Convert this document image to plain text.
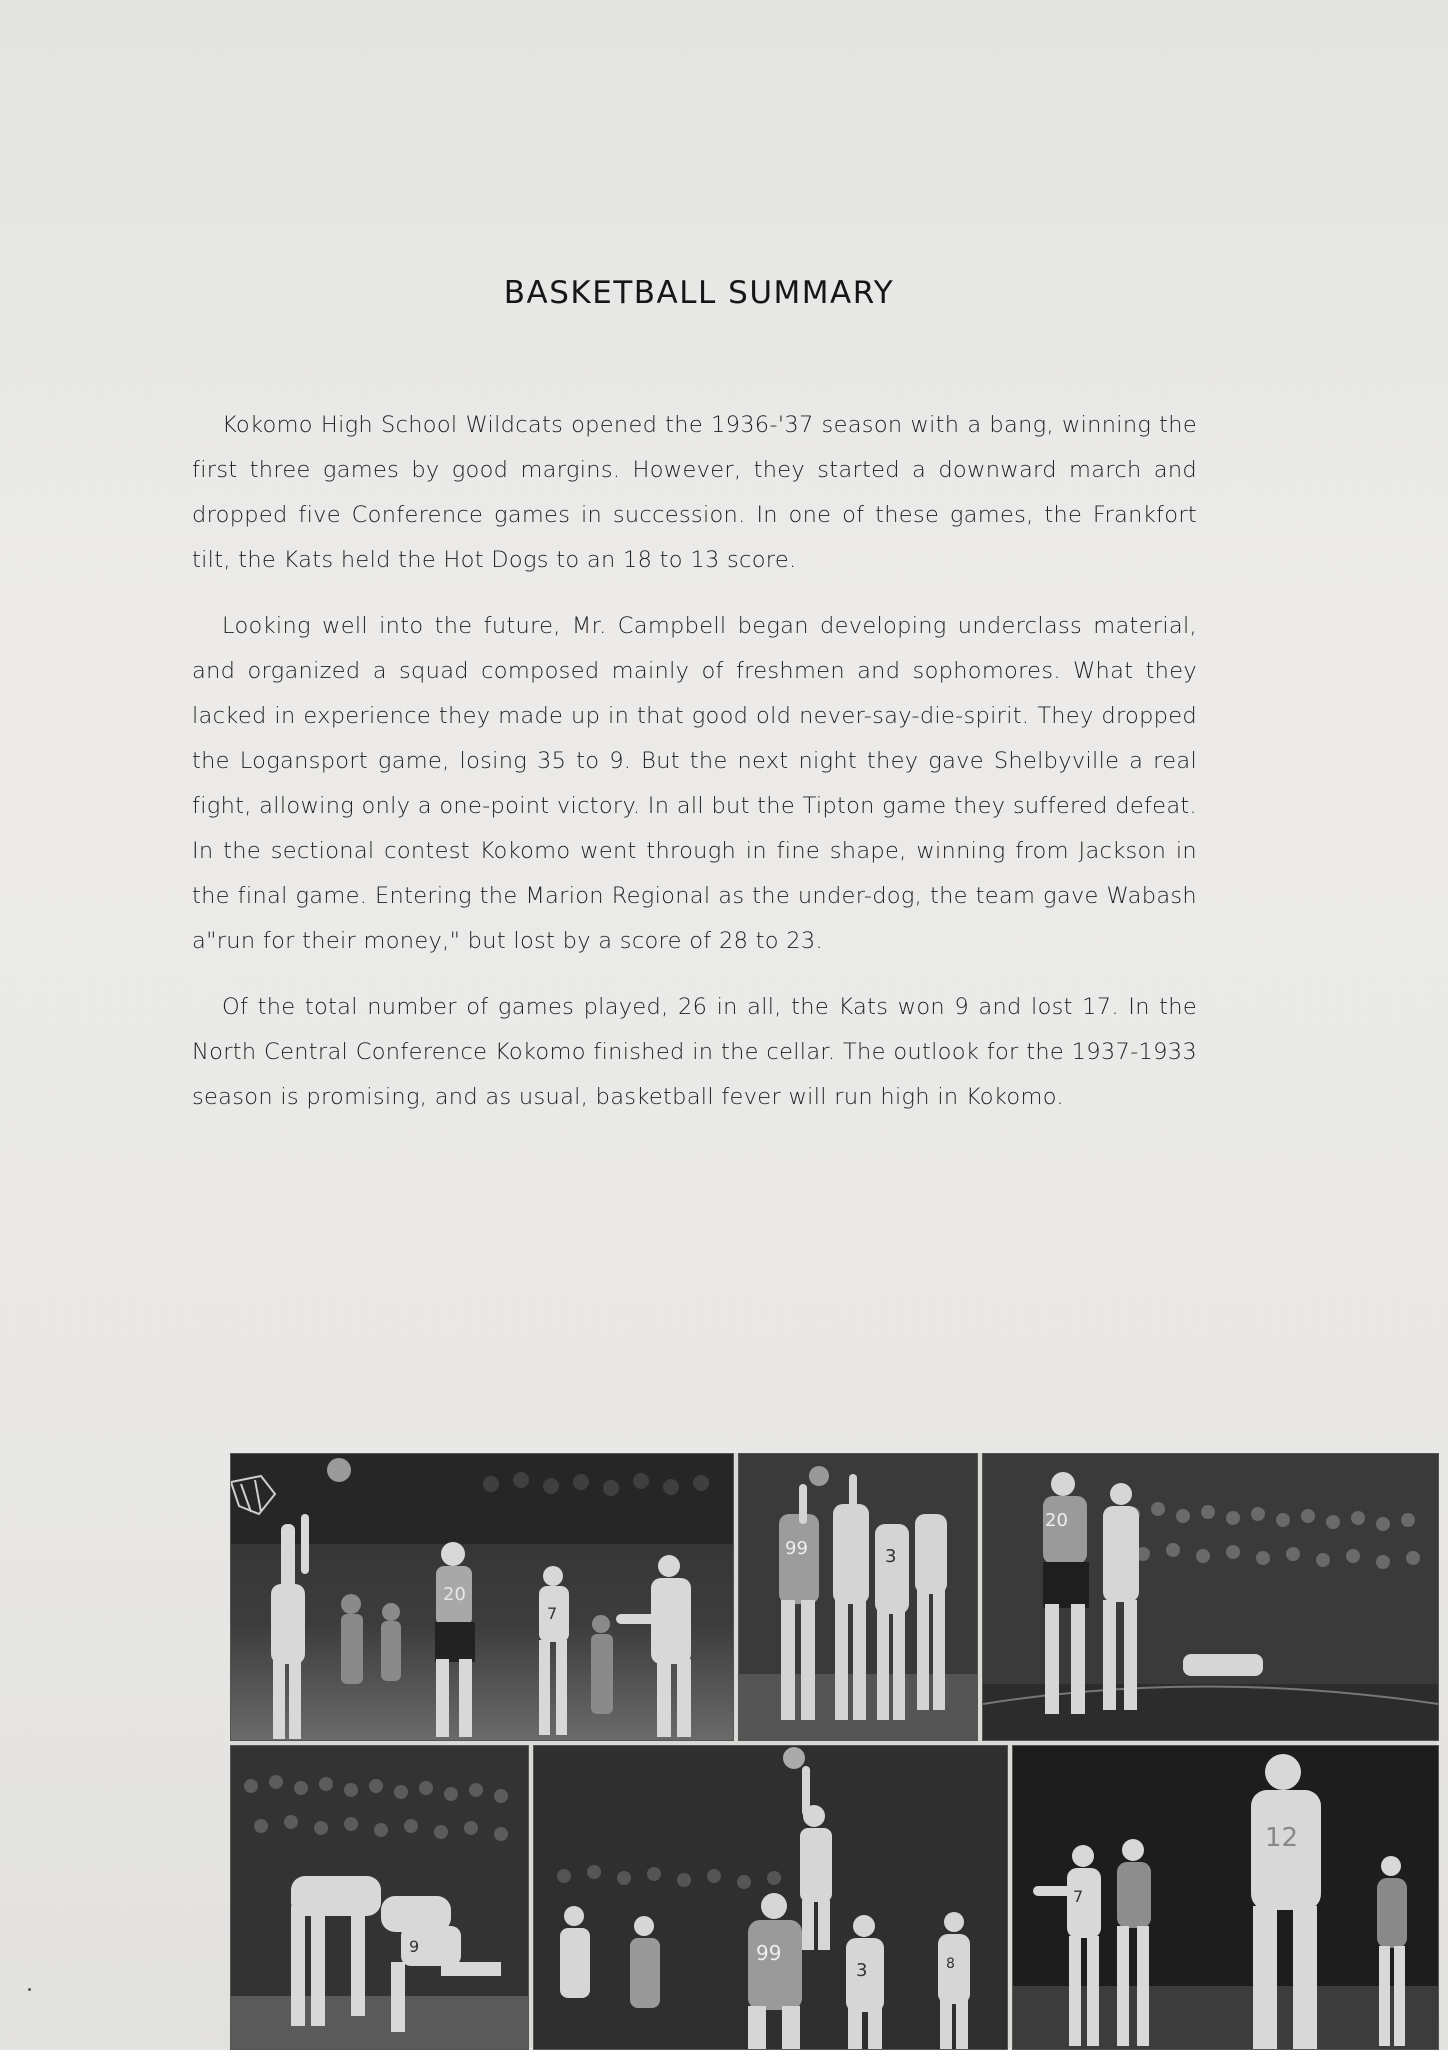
BASKETBALL SUMMARY

Kokomo High School Wildcats opened the 1936-'37 season with a bang, winning the first three games by good margins. However, they started a downward march and dropped five Conference games in succession. In one of these games, the Frankfort tilt, the Kats held the Hot Dogs to an 18 to 13 score.

Looking well into the future, Mr. Campbell began developing underclass material, and organized a squad composed mainly of freshmen and sophomores. What they lacked in experience they made up in that good old never-say-die-spirit. They dropped the Logansport game, losing 35 to 9. But the next night they gave Shelbyville a real fight, allowing only a one-point victory. In all but the Tipton game they suffered defeat. In the sectional contest Kokomo went through in fine shape, winning from Jackson in the final game. Entering the Marion Regional as the under-dog, the team gave Wabash a"run for their money," but lost by a score of 28 to 23.

Of the total number of games played, 26 in all, the Kats won 9 and lost 17. In the North Central Conference Kokomo finished in the cellar. The outlook for the 1937-1933 season is promising, and as usual, basketball fever will run high in Kokomo.

20
7
99	3
20
9	99
3	8
7
12
